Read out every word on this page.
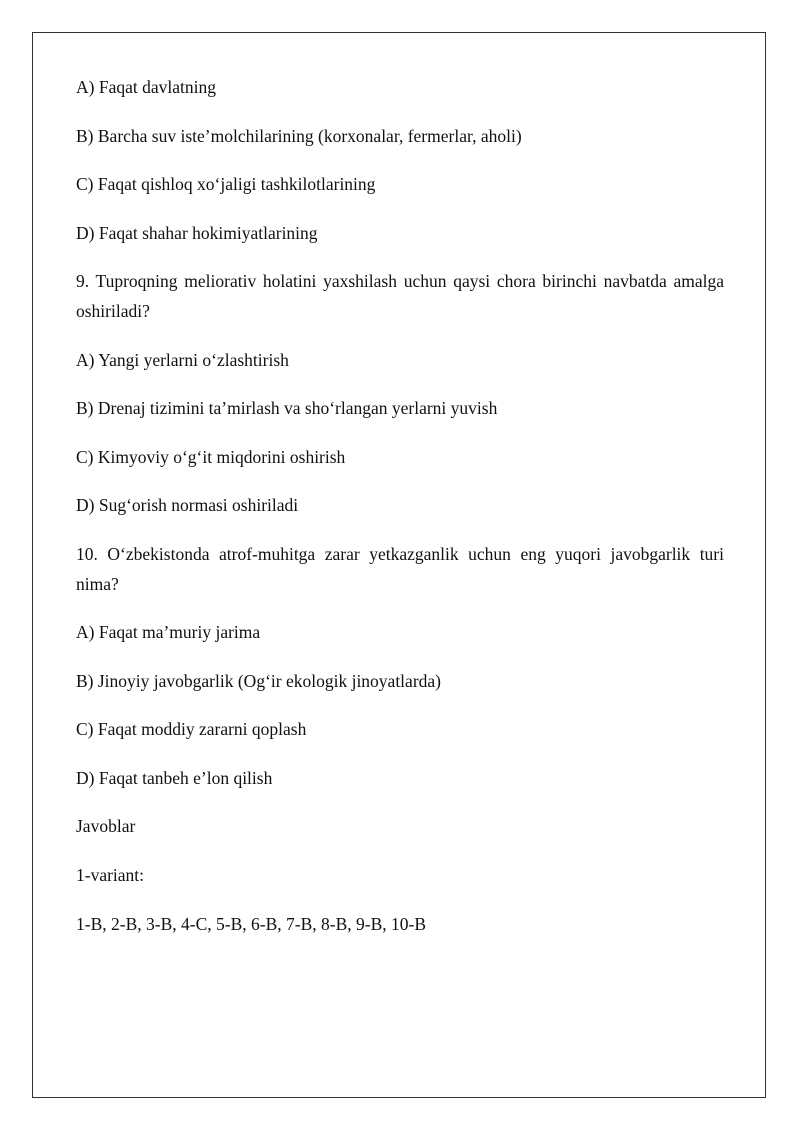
A) Faqat davlatning

B) Barcha suv iste’molchilarining (korxonalar, fermerlar, aholi)

C) Faqat qishloq xo‘jaligi tashkilotlarining

D) Faqat shahar hokimiyatlarining

9. Tuproqning meliorativ holatini yaxshilash uchun qaysi chora birinchi navbatda amalga oshiriladi?

A) Yangi yerlarni o‘zlashtirish

B) Drenaj tizimini ta’mirlash va sho‘rlangan yerlarni yuvish

C) Kimyoviy o‘g‘it miqdorini oshirish

D) Sug‘orish normasi oshiriladi

10. O‘zbekistonda atrof-muhitga zarar yetkazganlik uchun eng yuqori javobgarlik turi nima?

A) Faqat ma’muriy jarima

B) Jinoyiy javobgarlik (Og‘ir ekologik jinoyatlarda)

C) Faqat moddiy zararni qoplash

D) Faqat tanbeh e’lon qilish

Javoblar

1-variant:

1-B, 2-B, 3-B, 4-C, 5-B, 6-B, 7-B, 8-B, 9-B, 10-B
